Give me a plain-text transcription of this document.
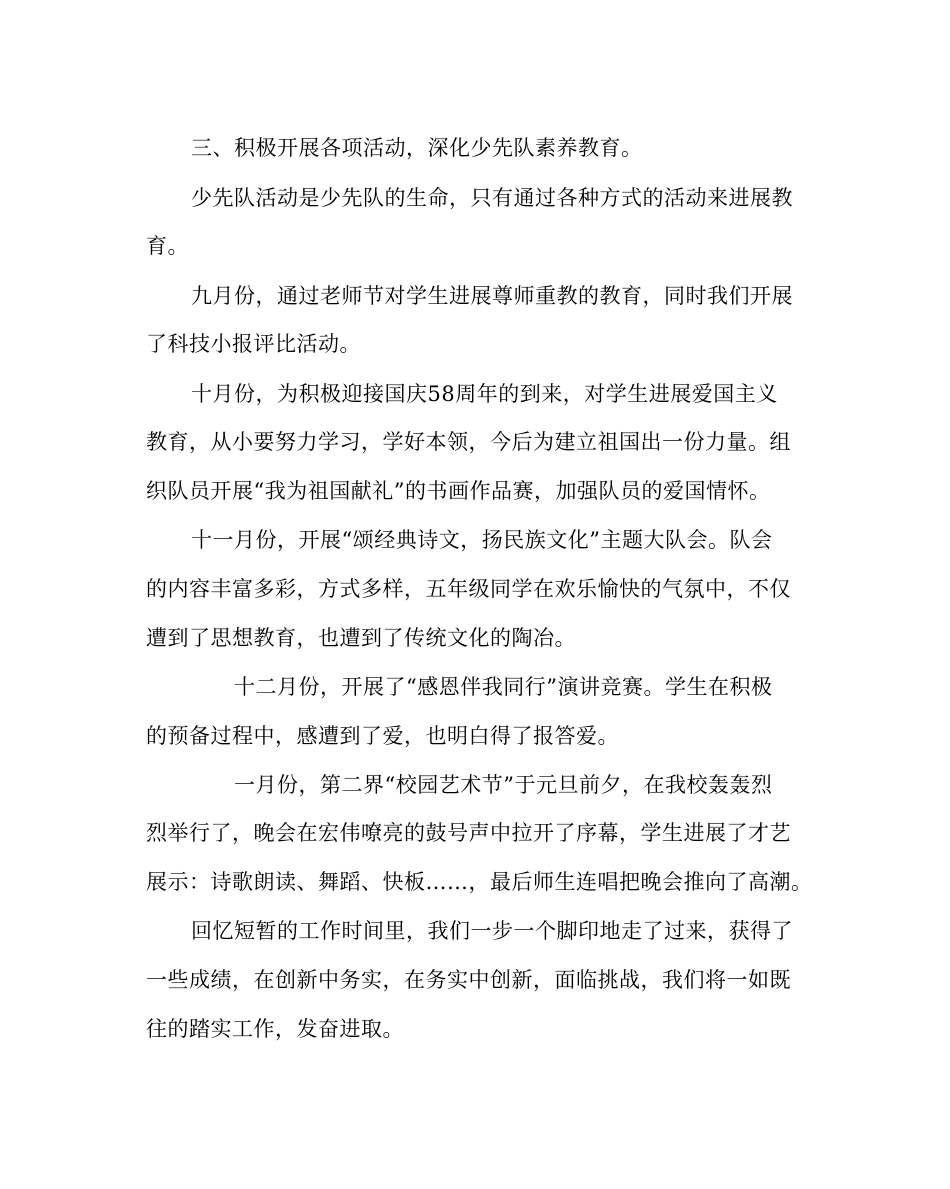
三、积极开展各项活动，深化少先队素养教育。
少先队活动是少先队的生命，只有通过各种方式的活动来进展教
育。
九月份，通过老师节对学生进展尊师重教的教育，同时我们开展
了科技小报评比活动。
十月份，为积极迎接国庆58周年的到来，对学生进展爱国主义
教育，从小要努力学习，学好本领，今后为建立祖国出一份力量。组
织队员开展“我为祖国献礼”的书画作品赛，加强队员的爱国情怀。
十一月份，开展“颂经典诗文，扬民族文化”主题大队会。队会
的内容丰富多彩，方式多样，五年级同学在欢乐愉快的气氛中，不仅
遭到了思想教育，也遭到了传统文化的陶冶。
十二月份，开展了“感恩伴我同行”演讲竞赛。学生在积极
的预备过程中，感遭到了爱，也明白得了报答爱。
一月份，第二界“校园艺术节”于元旦前夕，在我校轰轰烈
烈举行了，晚会在宏伟嘹亮的鼓号声中拉开了序幕，学生进展了才艺
展示：诗歌朗读、舞蹈、快板……，最后师生连唱把晚会推向了高潮。
回忆短暂的工作时间里，我们一步一个脚印地走了过来，获得了
一些成绩，在创新中务实，在务实中创新，面临挑战，我们将一如既
往的踏实工作，发奋进取。
